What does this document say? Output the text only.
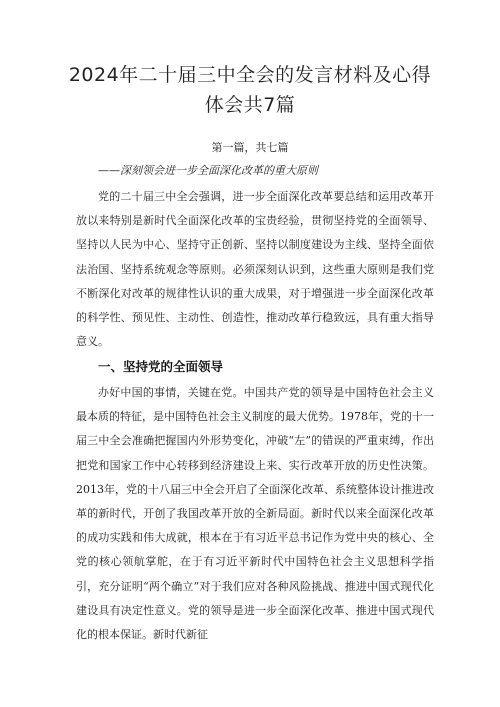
2024年二十届三中全会的发言材料及心得
体会共7篇
第一篇，共七篇
——深刻领会进一步全面深化改革的重大原则

党的二十届三中全会强调，进一步全面深化改革要总结和运用改革开放以来特别是新时代全面深化改革的宝贵经验，贯彻坚持党的全面领导、坚持以人民为中心、坚持守正创新、坚持以制度建设为主线、坚持全面依法治国、坚持系统观念等原则。必须深刻认识到，这些重大原则是我们党不断深化对改革的规律性认识的重大成果，对于增强进一步全面深化改革的科学性、预见性、主动性、创造性，推动改革行稳致远，具有重大指导意义。

一、坚持党的全面领导

办好中国的事情，关键在党。中国共产党的领导是中国特色社会主义最本质的特征，是中国特色社会主义制度的最大优势。1978年，党的十一届三中全会准确把握国内外形势变化，冲破“左”的错误的严重束缚，作出把党和国家工作中心转移到经济建设上来、实行改革开放的历史性决策。2013年，党的十八届三中全会开启了全面深化改革、系统整体设计推进改革的新时代，开创了我国改革开放的全新局面。新时代以来全面深化改革的成功实践和伟大成就，根本在于有习近平总书记作为党中央的核心、全党的核心领航掌舵，在于有习近平新时代中国特色社会主义思想科学指引，充分证明“两个确立”对于我们应对各种风险挑战、推进中国式现代化建设具有决定性意义。党的领导是进一步全面深化改革、推进中国式现代化的根本保证。新时代新征
